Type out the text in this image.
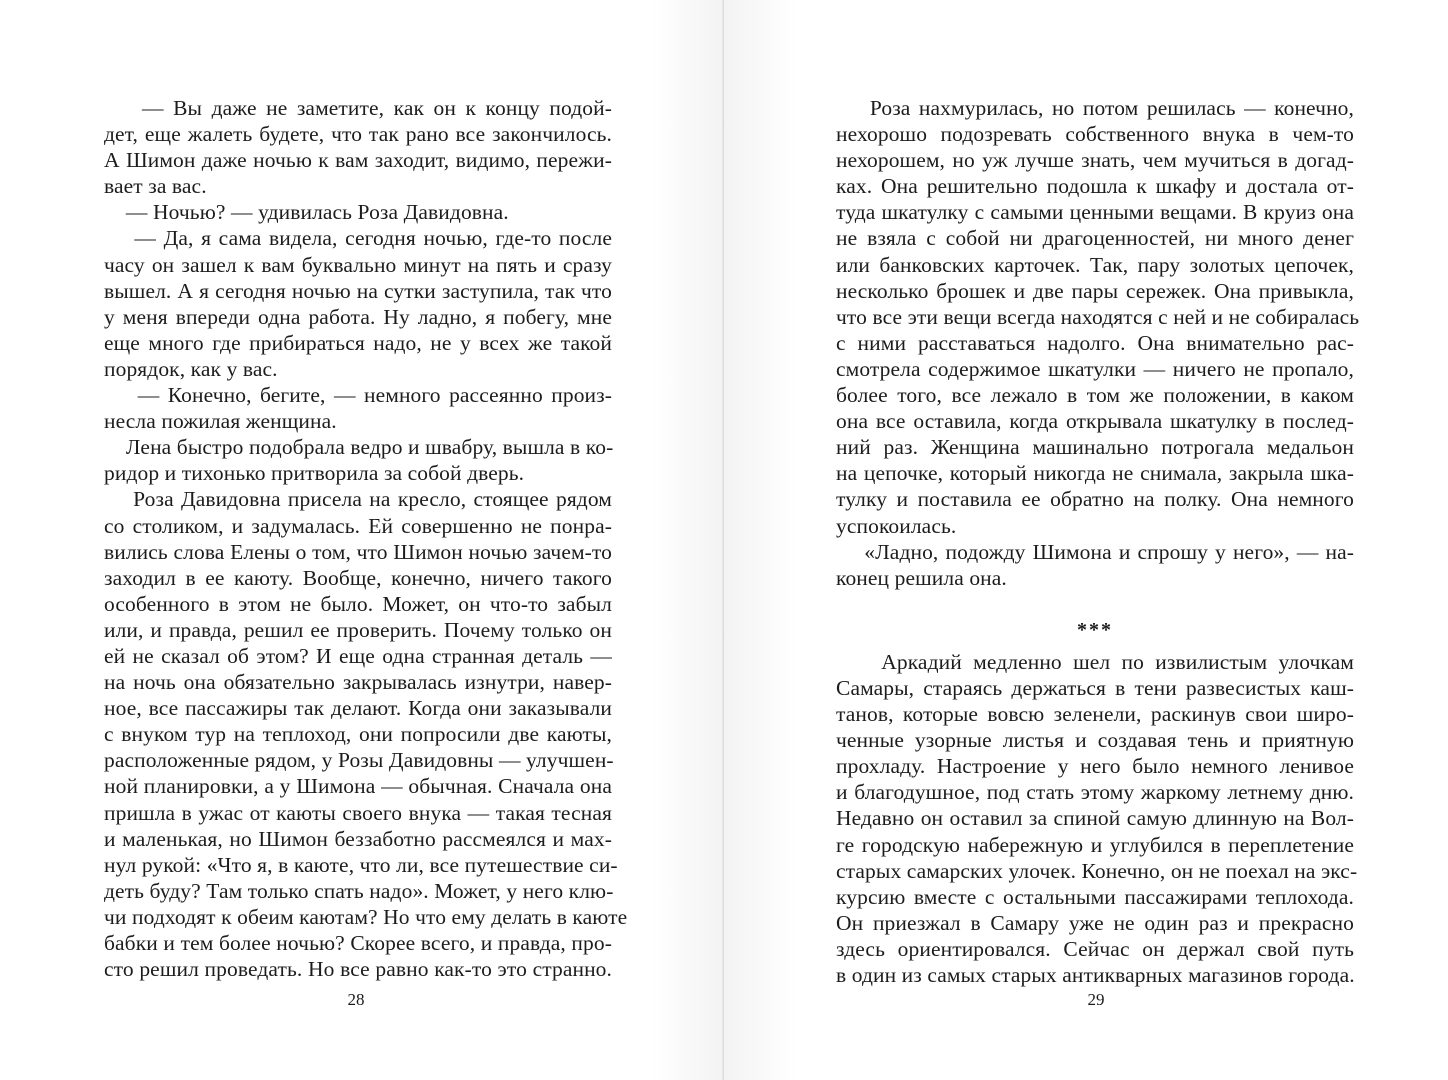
— Вы даже не заметите, как он к концу подой-
дет, еще жалеть будете, что так рано все закончилось.
А Шимон даже ночью к вам заходит, видимо, пережи-
вает за вас.
— Ночью? — удивилась Роза Давидовна.
— Да, я сама видела, сегодня ночью, где-то после
часу он зашел к вам буквально минут на пять и сразу
вышел. А я сегодня ночью на сутки заступила, так что
у меня впереди одна работа. Ну ладно, я побегу, мне
еще много где прибираться надо, не у всех же такой
порядок, как у вас.
— Конечно, бегите, — немного рассеянно произ-
несла пожилая женщина.
Лена быстро подобрала ведро и швабру, вышла в ко-
ридор и тихонько притворила за собой дверь.
Роза Давидовна присела на кресло, стоящее рядом
со столиком, и задумалась. Ей совершенно не понра-
вились слова Елены о том, что Шимон ночью зачем-то
заходил в ее каюту. Вообще, конечно, ничего такого
особенного в этом не было. Может, он что-то забыл
или, и правда, решил ее проверить. Почему только он
ей не сказал об этом? И еще одна странная деталь —
на ночь она обязательно закрывалась изнутри, навер-
ное, все пассажиры так делают. Когда они заказывали
с внуком тур на теплоход, они попросили две каюты,
расположенные рядом, у Розы Давидовны — улучшен-
ной планировки, а у Шимона — обычная. Сначала она
пришла в ужас от каюты своего внука — такая тесная
и маленькая, но Шимон беззаботно рассмеялся и мах-
нул рукой: «Что я, в каюте, что ли, все путешествие си-
деть буду? Там только спать надо». Может, у него клю-
чи подходят к обеим каютам? Но что ему делать в каюте
бабки и тем более ночью? Скорее всего, и правда, про-
сто решил проведать. Но все равно как-то это странно.
28
Роза нахмурилась, но потом решилась — конечно,
нехорошо подозревать собственного внука в чем-то
нехорошем, но уж лучше знать, чем мучиться в догад-
ках. Она решительно подошла к шкафу и достала от-
туда шкатулку с самыми ценными вещами. В круиз она
не взяла с собой ни драгоценностей, ни много денег
или банковских карточек. Так, пару золотых цепочек,
несколько брошек и две пары сережек. Она привыкла,
что все эти вещи всегда находятся с ней и не собиралась
с ними расставаться надолго. Она внимательно рас-
смотрела содержимое шкатулки — ничего не пропало,
более того, все лежало в том же положении, в каком
она все оставила, когда открывала шкатулку в послед-
ний раз. Женщина машинально потрогала медальон
на цепочке, который никогда не снимала, закрыла шка-
тулку и поставила ее обратно на полку. Она немного
успокоилась.
«Ладно, подожду Шимона и спрошу у него», — на-
конец решила она.
***
Аркадий медленно шел по извилистым улочкам
Самары, стараясь держаться в тени развесистых каш-
танов, которые вовсю зеленели, раскинув свои широ-
ченные узорные листья и создавая тень и приятную
прохладу. Настроение у него было немного ленивое
и благодушное, под стать этому жаркому летнему дню.
Недавно он оставил за спиной самую длинную на Вол-
ге городскую набережную и углубился в переплетение
старых самарских улочек. Конечно, он не поехал на экс-
курсию вместе с остальными пассажирами теплохода.
Он приезжал в Самару уже не один раз и прекрасно
здесь ориентировался. Сейчас он держал свой путь
в один из самых старых антикварных магазинов города.
29
